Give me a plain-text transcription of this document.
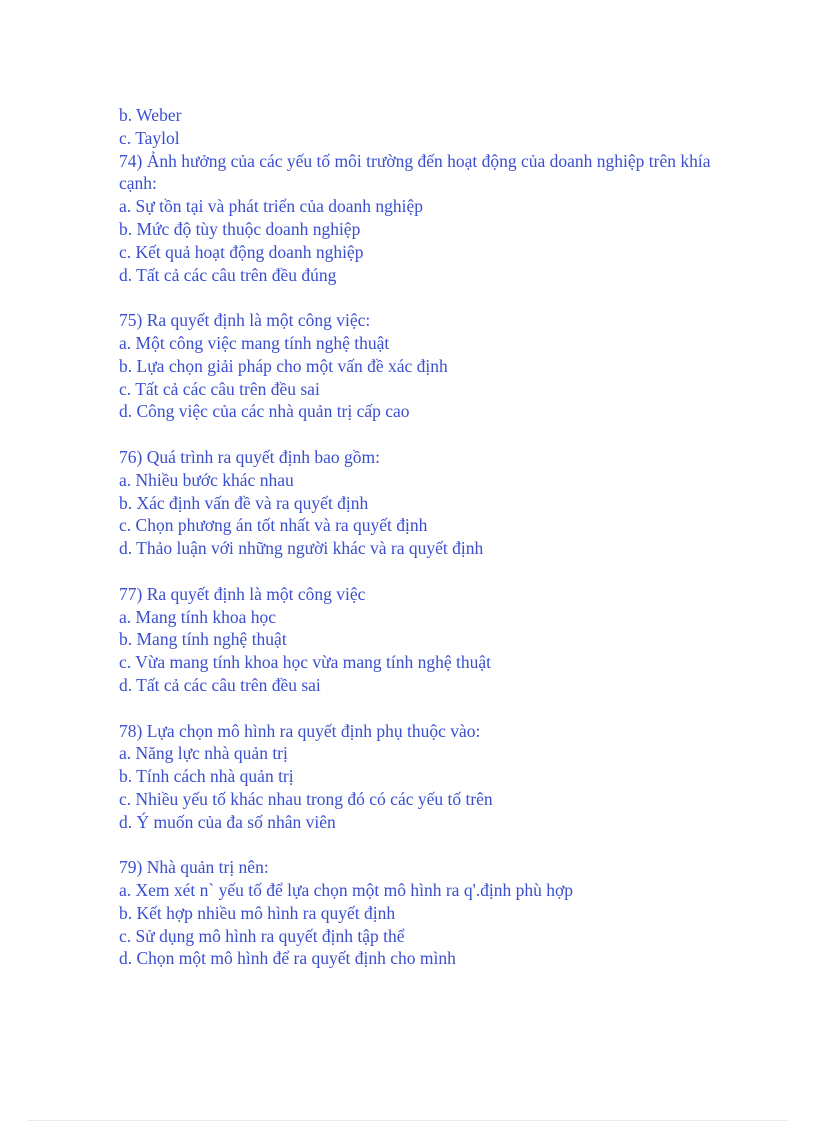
b. Weber
c. Taylol
74) Ảnh hưởng của các yếu tố môi trường đến hoạt động của doanh nghiệp trên khía cạnh:
a. Sự tồn tại và phát triển của doanh nghiệp
b. Mức độ tùy thuộc doanh nghiệp
c. Kết quả hoạt động doanh nghiệp
d. Tất cả các câu trên đều đúng
75) Ra quyết định là một công việc:
a. Một công việc mang tính nghệ thuật
b. Lựa chọn giải pháp cho một vấn đề xác định
c. Tất cả các câu trên đều sai
d. Công việc của các nhà quản trị cấp cao
76) Quá trình ra quyết định bao gồm:
a. Nhiều bước khác nhau
b. Xác định vấn đề và ra quyết định
c. Chọn phương án tốt nhất và ra quyết định
d. Thảo luận với những người khác và ra quyết định
77) Ra quyết định là một công việc
a. Mang tính khoa học
b. Mang tính nghệ thuật
c. Vừa mang tính khoa học vừa mang tính nghệ thuật
d. Tất cả các câu trên đều sai
78) Lựa chọn mô hình ra quyết định phụ thuộc vào:
a. Năng lực nhà quản trị
b. Tính cách nhà quản trị
c. Nhiều yếu tố khác nhau trong đó có các yếu tố trên
d. Ý muốn của đa số nhân viên
79) Nhà quản trị nên:
a. Xem xét n` yếu tố để lựa chọn một mô hình ra q'.định phù hợp
b. Kết hợp nhiều mô hình ra quyết định
c. Sử dụng mô hình ra quyết định tập thể
d. Chọn một mô hình để ra quyết định cho mình
